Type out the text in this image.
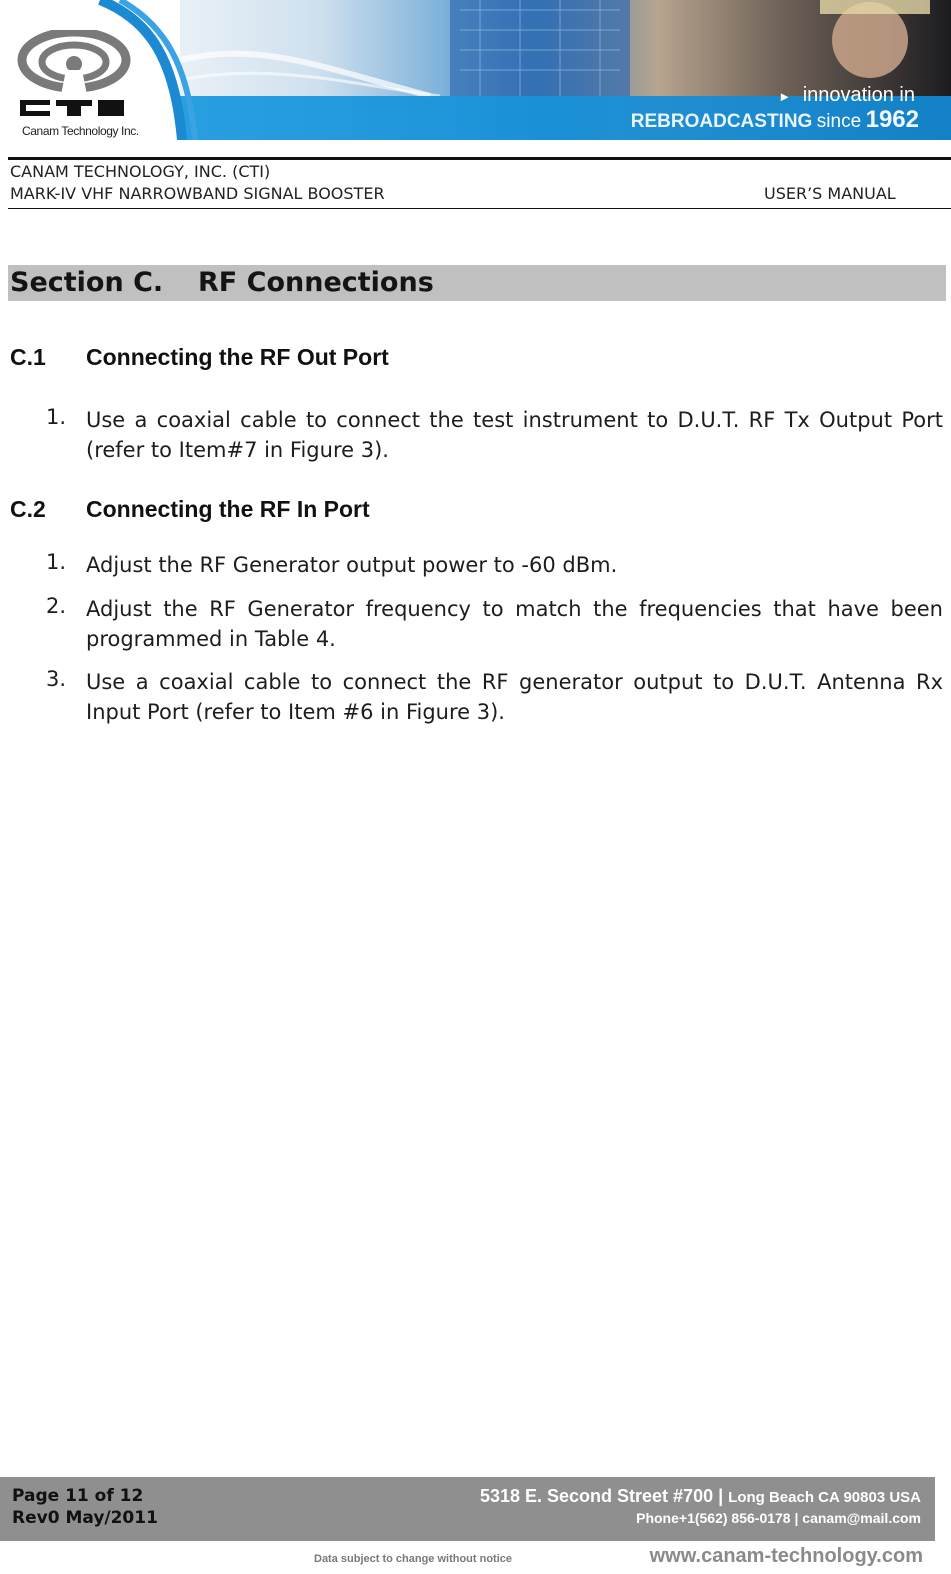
Canam Technology Inc.
► innovation in
REBROADCASTING since 1962
CANAM TECHNOLOGY, INC. (CTI)
MARK-IV VHF NARROWBAND SIGNAL BOOSTER	USER’S MANUAL
Section C. RF Connections
C.1 Connecting the RF Out Port
1. Use a coaxial cable to connect the test instrument to D.U.T. RF Tx Output Port (refer to Item#7 in Figure 3).
C.2 Connecting the RF In Port
1. Adjust the RF Generator output power to -60 dBm.
2. Adjust the RF Generator frequency to match the frequencies that have been programmed in Table 4.
3. Use a coaxial cable to connect the RF generator output to D.U.T. Antenna Rx Input Port (refer to Item #6 in Figure 3).
Page 11 of 12
Rev0 May/2011
5318 E. Second Street #700 | Long Beach CA 90803 USA
Phone+1(562) 856-0178 | canam@mail.com
Data subject to change without notice	www.canam-technology.com
